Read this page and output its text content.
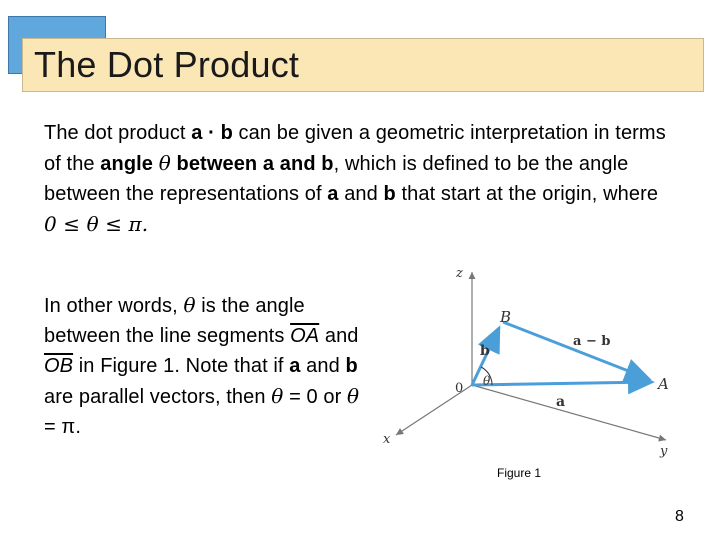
The Dot Product

The dot product a · b can be given a geometric interpretation in terms of the angle θ between a and b, which is defined to be the angle between the representations of a and b that start at the origin, where
0 ≤ θ ≤ π.

In other words, θ is the angle between the line segments $\overline{OA}$ and $\overline{OB}$ in Figure 1. Note that if a and b are parallel vectors, then θ = 0 or θ = π.

z
y
x
0	A
B
a
b
a − b
θ
Figure 1
8
